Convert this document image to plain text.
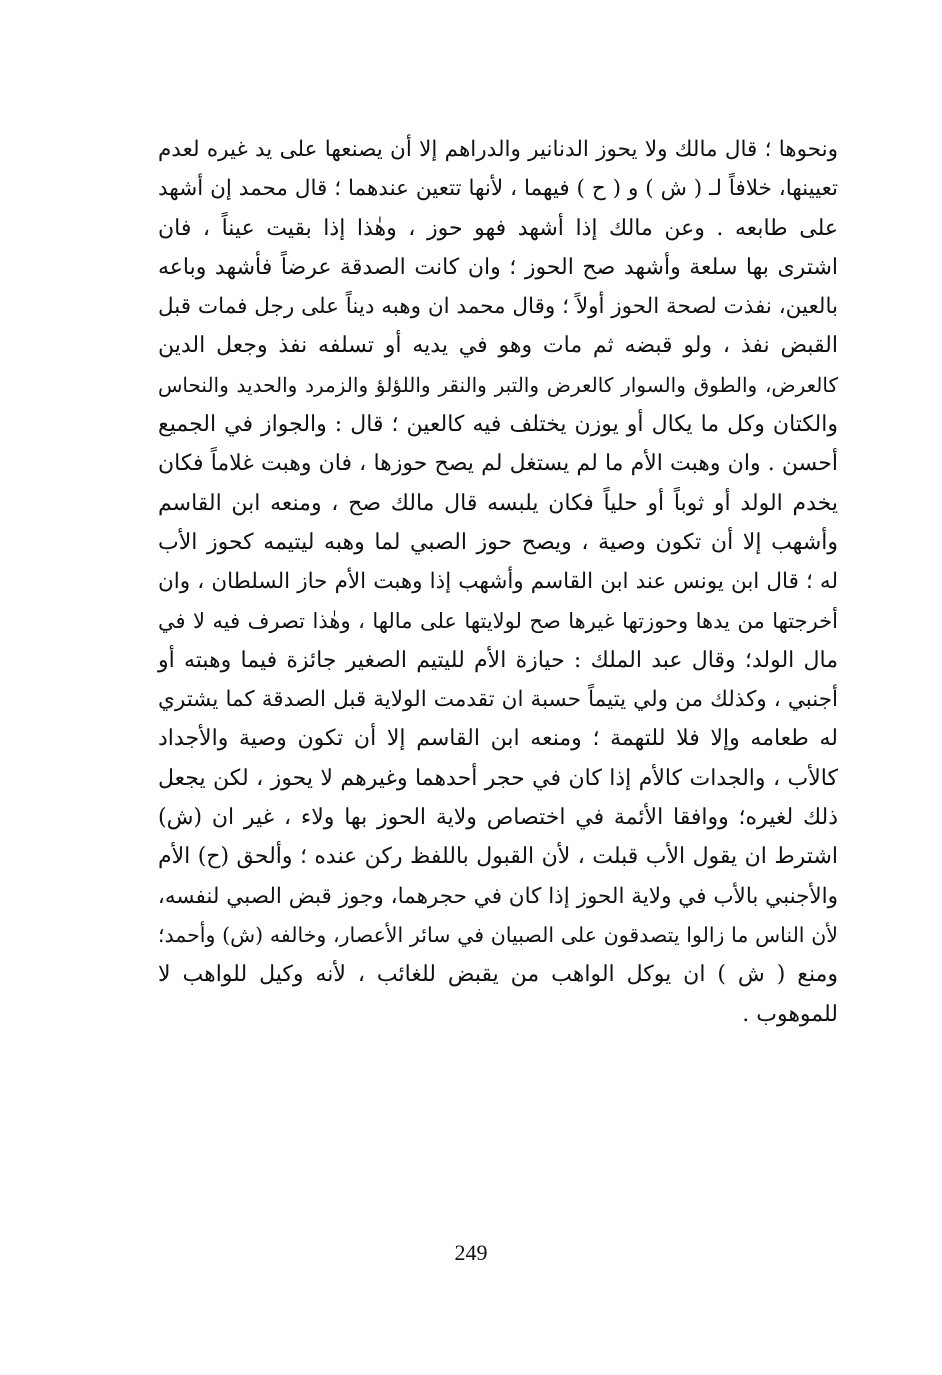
ونحوها ؛ قال مالك ولا يحوز الدنانير والدراهم إلا أن يصنعها على يد غيره لعدم
تعيينها، خلافاً لـ ( ش ) و ( ح ) فيهما ، لأنها تتعين عندهما ؛ قال محمد إن أشهد
على طابعه . وعن مالك إذا أشهد فهو حوز ، وهٰذا إذا بقيت عيناً ، فان
اشترى بها سلعة وأشهد صح الحوز ؛ وان كانت الصدقة عرضاً فأشهد وباعه
بالعين، نفذت لصحة الحوز أولاً ؛ وقال محمد ان وهبه ديناً على رجل فمات قبل
القبض نفذ ، ولو قبضه ثم مات وهو في يديه أو تسلفه نفذ وجعل الدين
كالعرض، والطوق والسوار كالعرض والتبر والنقر واللؤلؤ والزمرد والحديد والنحاس
والكتان وكل ما يكال أو يوزن يختلف فيه كالعين ؛ قال : والجواز في الجميع
أحسن . وان وهبت الأم ما لم يستغل لم يصح حوزها ، فان وهبت غلاماً فكان
يخدم الولد أو ثوباً أو حلياً فكان يلبسه قال مالك صح ، ومنعه ابن القاسم
وأشهب إلا أن تكون وصية ، ويصح حوز الصبي لما وهبه ليتيمه كحوز الأب
له ؛ قال ابن يونس عند ابن القاسم وأشهب إذا وهبت الأم حاز السلطان ، وان
أخرجتها من يدها وحوزتها غيرها صح لولايتها على مالها ، وهٰذا تصرف فيه لا في
مال الولد؛ وقال عبد الملك : حيازة الأم لليتيم الصغير جائزة فيما وهبته أو
أجنبي ، وكذلك من ولي يتيماً حسبة ان تقدمت الولاية قبل الصدقة كما يشتري
له طعامه وإلا فلا للتهمة ؛ ومنعه ابن القاسم إلا أن تكون وصية والأجداد
كالأب ، والجدات كالأم إذا كان في حجر أحدهما وغيرهم لا يحوز ، لكن يجعل
ذلك لغيره؛ ووافقا الأئمة في اختصاص ولاية الحوز بها ولاء ، غير ان (ش)
اشترط ان يقول الأب قبلت ، لأن القبول باللفظ ركن عنده ؛ وألحق (ح) الأم
والأجنبي بالأب في ولاية الحوز إذا كان في حجرهما، وجوز قبض الصبي لنفسه،
لأن الناس ما زالوا يتصدقون على الصبيان في سائر الأعصار، وخالفه (ش) وأحمد؛
ومنع ( ش ) ان يوكل الواهب من يقبض للغائب ، لأنه وكيل للواهب لا
للموهوب .
249
